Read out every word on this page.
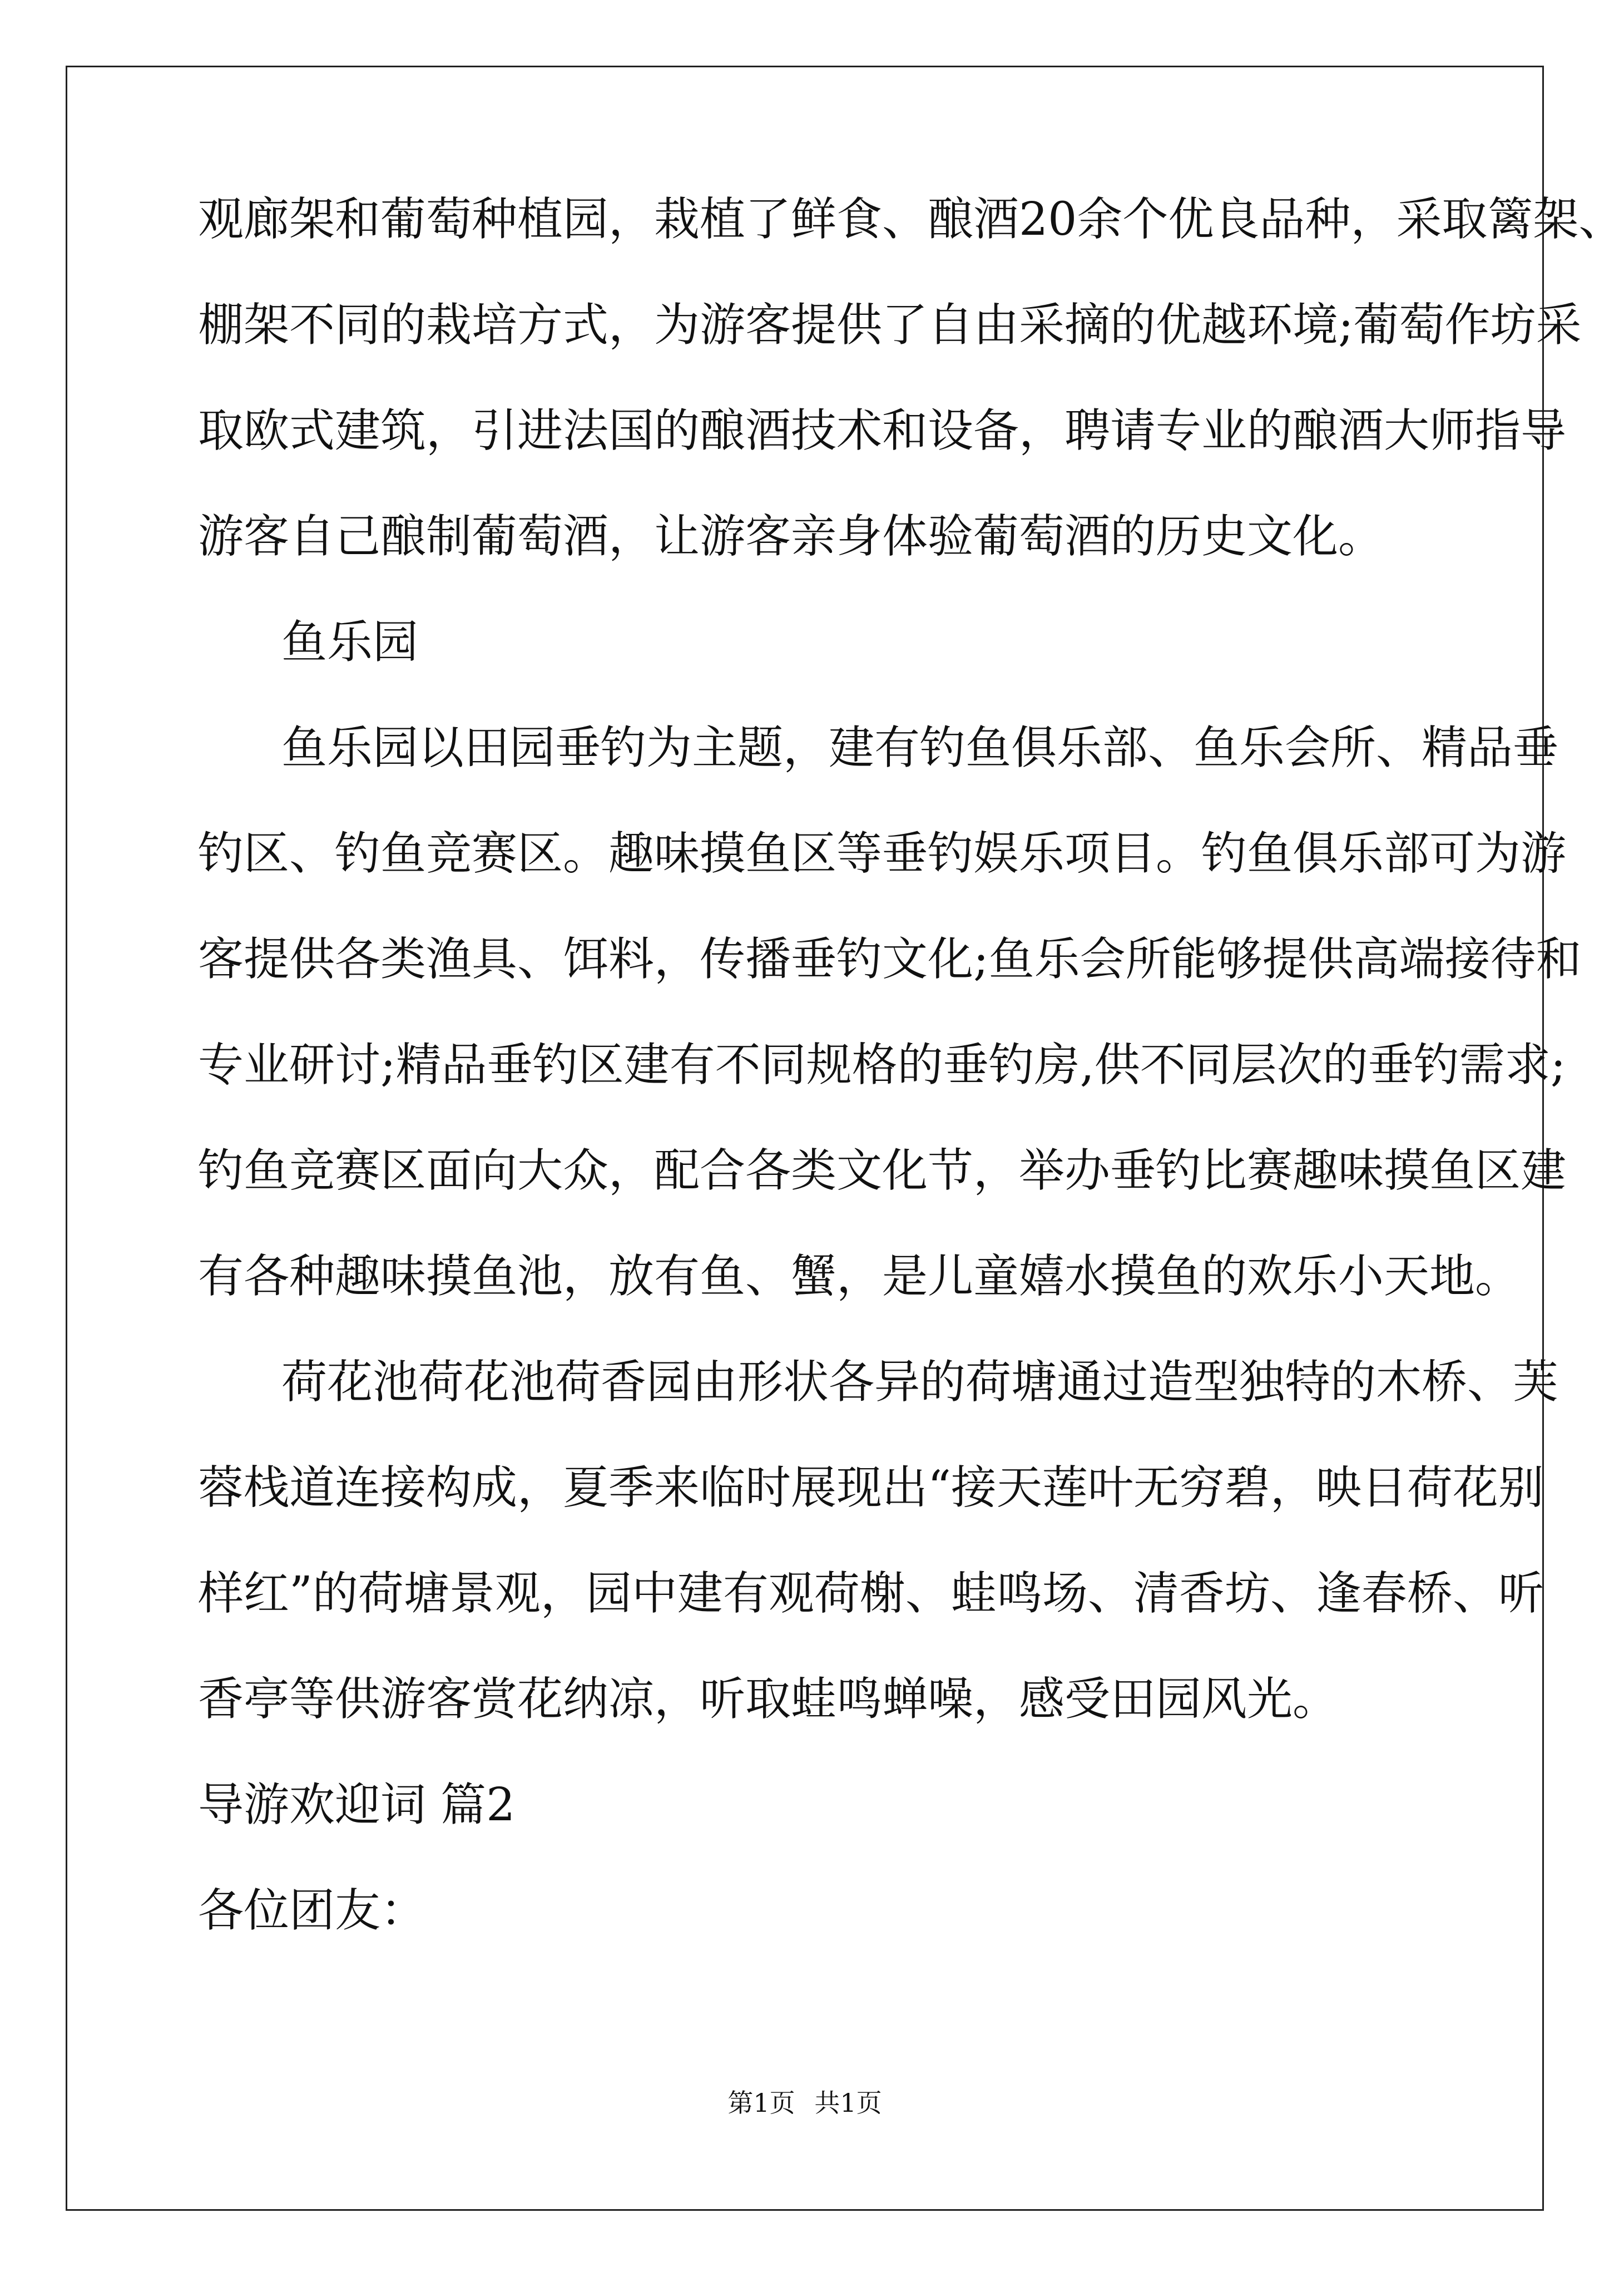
观廊架和葡萄种植园，栽植了鲜食、酿酒20余个优良品种，采取篱架、
棚架不同的栽培方式，为游客提供了自由采摘的优越环境;葡萄作坊采
取欧式建筑，引进法国的酿酒技术和设备，聘请专业的酿酒大师指导
游客自己酿制葡萄酒，让游客亲身体验葡萄酒的历史文化。
鱼乐园
鱼乐园以田园垂钓为主题，建有钓鱼俱乐部、鱼乐会所、精品垂
钓区、钓鱼竞赛区。趣味摸鱼区等垂钓娱乐项目。钓鱼俱乐部可为游
客提供各类渔具、饵料，传播垂钓文化;鱼乐会所能够提供高端接待和
专业研讨;精品垂钓区建有不同规格的垂钓房,供不同层次的垂钓需求;
钓鱼竞赛区面向大众，配合各类文化节，举办垂钓比赛趣味摸鱼区建
有各种趣味摸鱼池，放有鱼、蟹，是儿童嬉水摸鱼的欢乐小天地。
荷花池荷花池荷香园由形状各异的荷塘通过造型独特的木桥、芙
蓉栈道连接构成，夏季来临时展现出“接天莲叶无穷碧，映日荷花别
样红”的荷塘景观，园中建有观荷榭、蛙鸣场、清香坊、逢春桥、听
香亭等供游客赏花纳凉，听取蛙鸣蝉噪，感受田园风光。
导游欢迎词 篇2
各位团友：
第1页 共1页
